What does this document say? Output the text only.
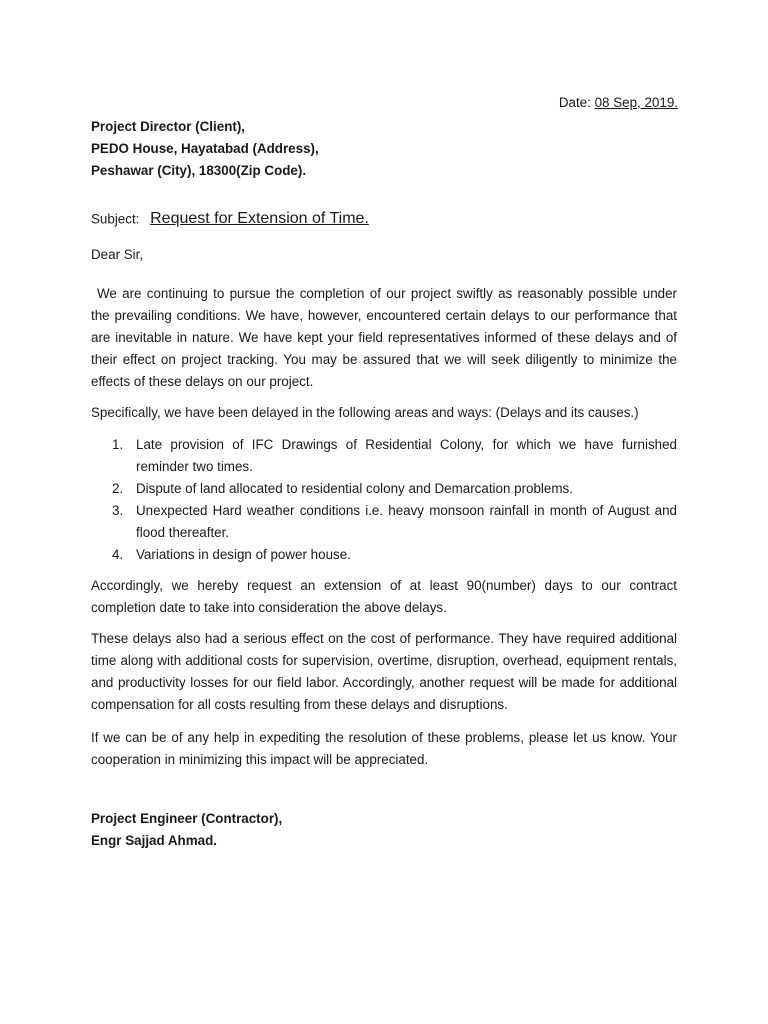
Date: 08 Sep, 2019.
Project Director (Client),
PEDO House, Hayatabad (Address),
Peshawar (City), 18300(Zip Code).
Subject: Request for Extension of Time.
Dear Sir,
We are continuing to pursue the completion of our project swiftly as reasonably possible under the prevailing conditions. We have, however, encountered certain delays to our performance that are inevitable in nature. We have kept your field representatives informed of these delays and of their effect on project tracking. You may be assured that we will seek diligently to minimize the effects of these delays on our project.
Specifically, we have been delayed in the following areas and ways: (Delays and its causes.)
1. Late provision of IFC Drawings of Residential Colony, for which we have furnished reminder two times.
2. Dispute of land allocated to residential colony and Demarcation problems.
3. Unexpected Hard weather conditions i.e. heavy monsoon rainfall in month of August and flood thereafter.
4. Variations in design of power house.
Accordingly, we hereby request an extension of at least 90(number) days to our contract completion date to take into consideration the above delays.
These delays also had a serious effect on the cost of performance. They have required additional time along with additional costs for supervision, overtime, disruption, overhead, equipment rentals, and productivity losses for our field labor. Accordingly, another request will be made for additional compensation for all costs resulting from these delays and disruptions.
If we can be of any help in expediting the resolution of these problems, please let us know. Your cooperation in minimizing this impact will be appreciated.
Project Engineer (Contractor),
Engr Sajjad Ahmad.
